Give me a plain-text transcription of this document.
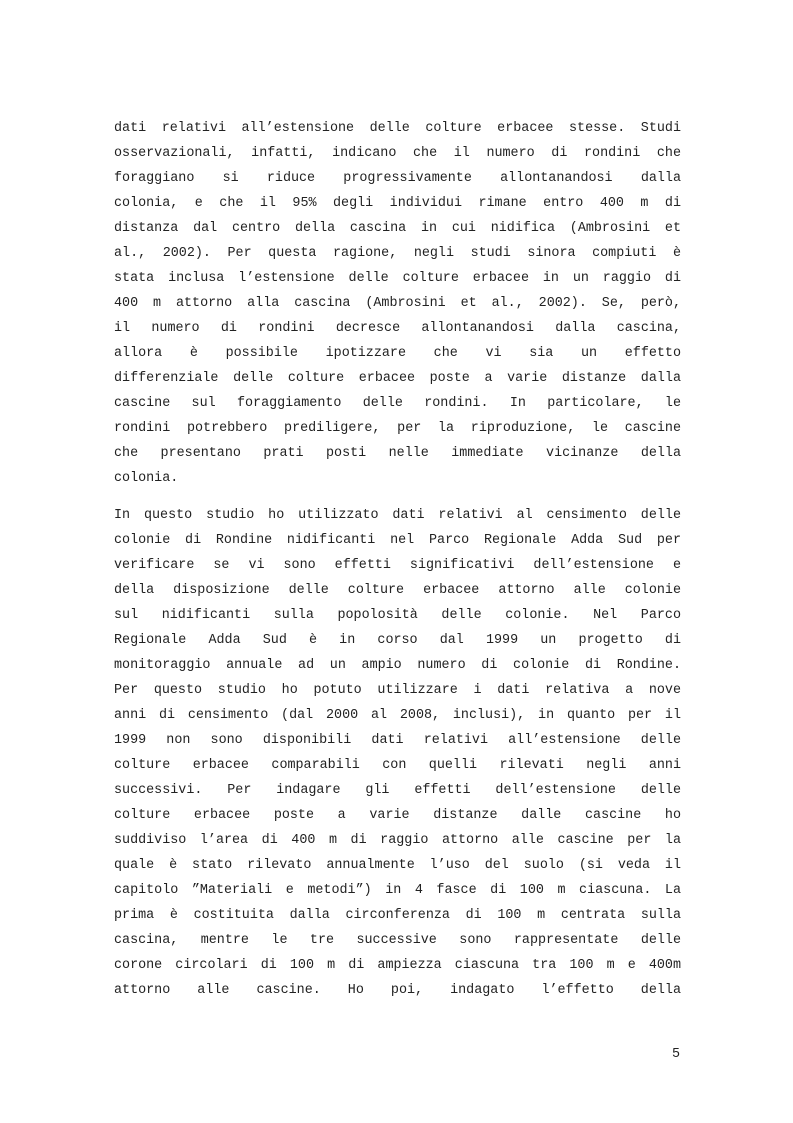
dati relativi all’estensione delle colture erbacee stesse. Studi
osservazionali, infatti, indicano che il numero di rondini che
foraggiano si riduce progressivamente allontanandosi dalla
colonia, e che il 95% degli individui rimane entro 400 m di
distanza dal centro della cascina in cui nidifica (Ambrosini et
al., 2002). Per questa ragione, negli studi sinora compiuti è
stata inclusa l’estensione delle colture erbacee in un raggio di
400 m attorno alla cascina (Ambrosini et al., 2002). Se, però,
il numero di rondini decresce allontanandosi dalla cascina,
allora è possibile ipotizzare che vi sia un effetto
differenziale delle colture erbacee poste a varie distanze dalla
cascine sul foraggiamento delle rondini. In particolare, le
rondini potrebbero prediligere, per la riproduzione, le cascine
che presentano prati posti nelle immediate vicinanze della
colonia.
In questo studio ho utilizzato dati relativi al censimento delle
colonie di Rondine nidificanti nel Parco Regionale Adda Sud per
verificare se vi sono effetti significativi dell’estensione e
della disposizione delle colture erbacee attorno alle colonie
sul nidificanti sulla popolosità delle colonie. Nel Parco
Regionale Adda Sud è in corso dal 1999 un progetto di
monitoraggio annuale ad un ampio numero di colonie di Rondine.
Per questo studio ho potuto utilizzare i dati relativa a nove
anni di censimento (dal 2000 al 2008, inclusi), in quanto per il
1999 non sono disponibili dati relativi all’estensione delle
colture erbacee comparabili con quelli rilevati negli anni
successivi. Per indagare gli effetti dell’estensione delle
colture erbacee poste a varie distanze dalle cascine ho
suddiviso l’area di 400 m di raggio attorno alle cascine per la
quale è stato rilevato annualmente l’uso del suolo (si veda il
capitolo ”Materiali e metodi”) in 4 fasce di 100 m ciascuna. La
prima è costituita dalla circonferenza di 100 m centrata sulla
cascina, mentre le tre successive sono rappresentate delle
corone circolari di 100 m di ampiezza ciascuna tra 100 m e 400m
attorno alle cascine. Ho poi, indagato l’effetto della
5
